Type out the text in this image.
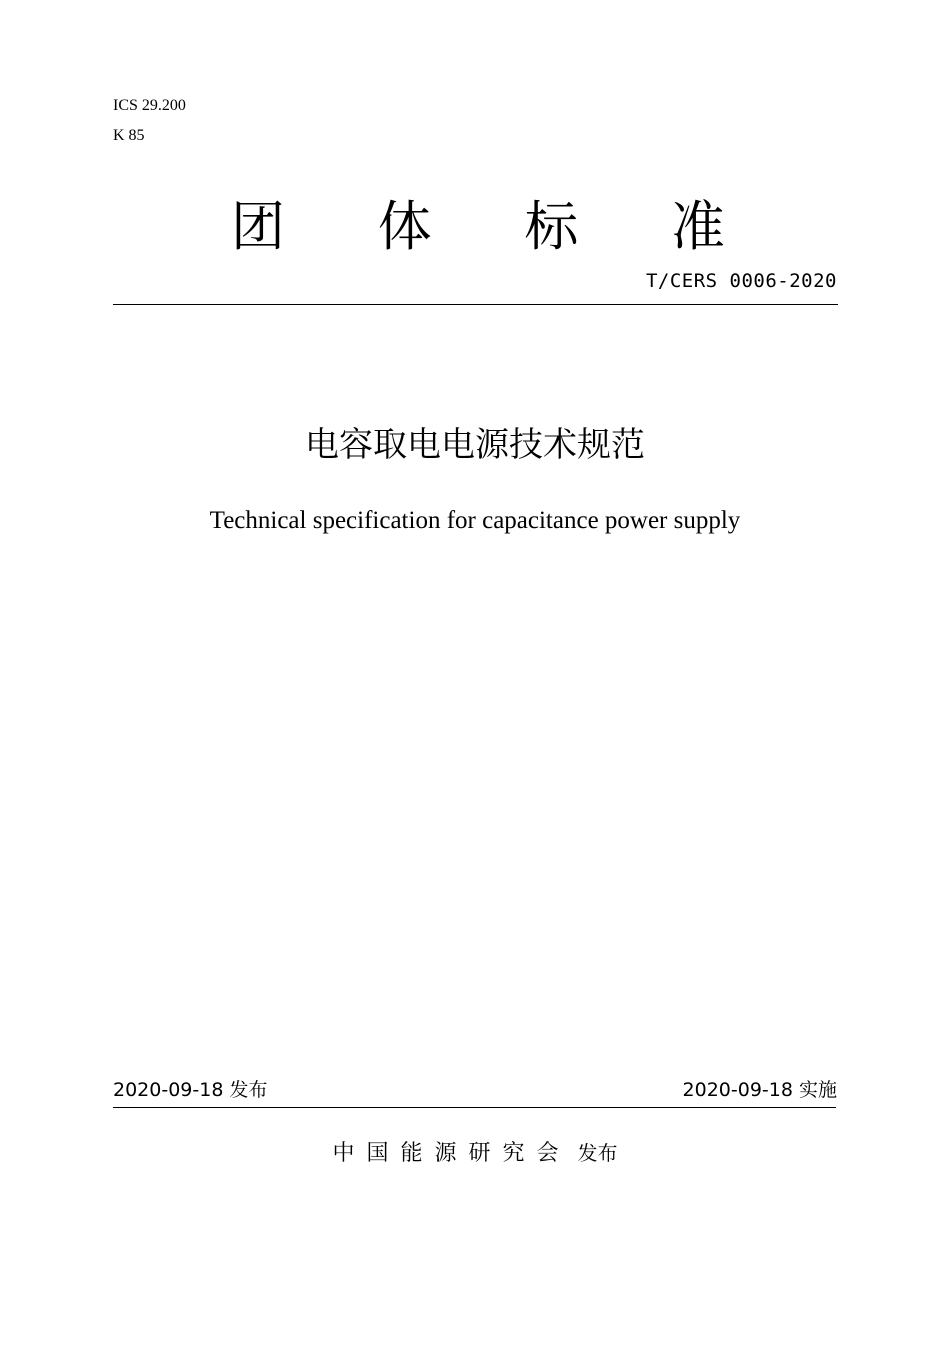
ICS 29.200
K 85
团 体 标 准
T/CERS 0006-2020
电容取电电源技术规范
Technical specification for capacitance power supply
2020-09-18 发布	2020-09-18 实施
中国能源研究会 发布
